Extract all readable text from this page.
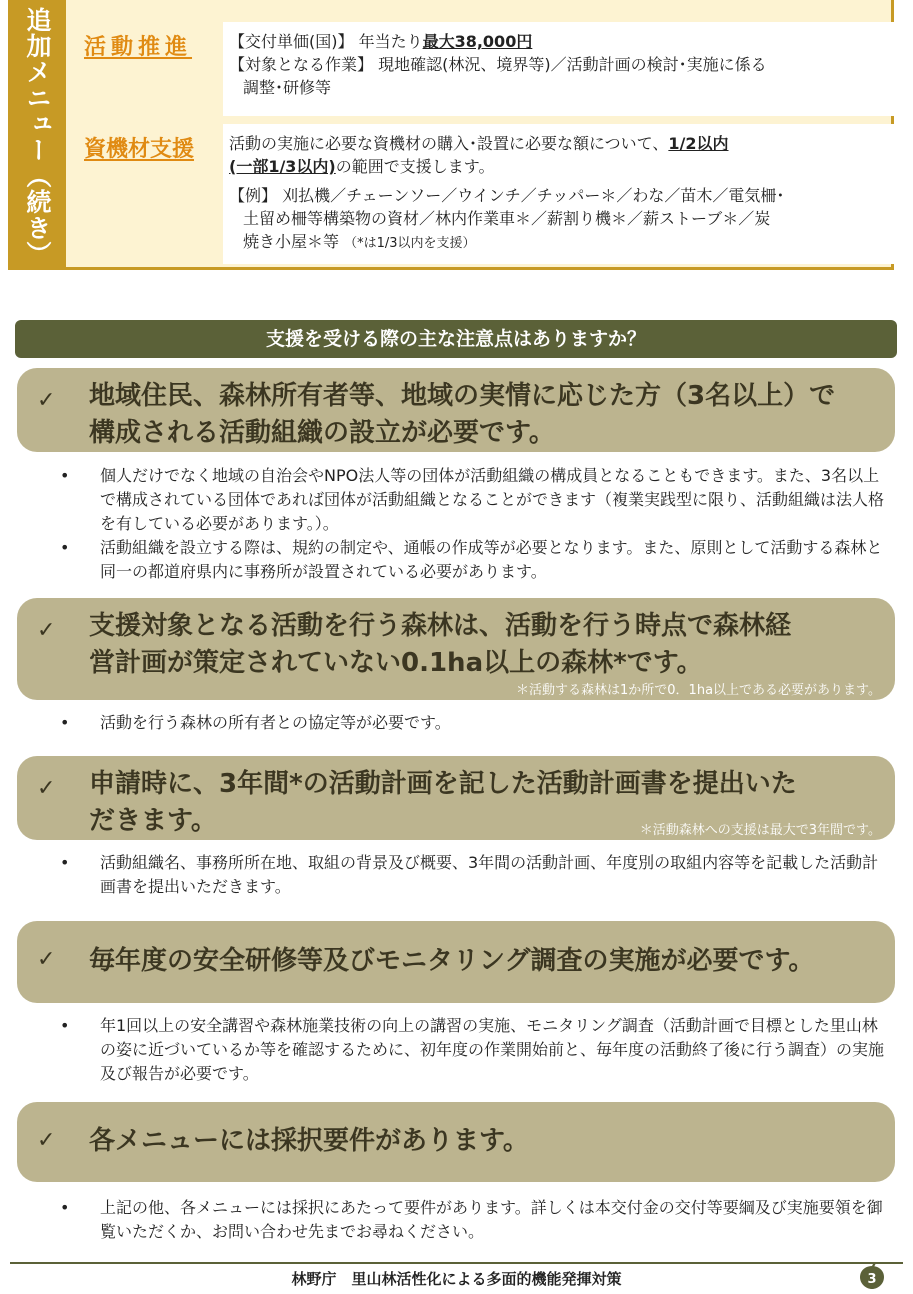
追加メニュー（続き）	活動推進 【交付単価(国)】 年当たり最大38,000円

【対象となる作業】 現地確認(林況、境界等)／活動計画の検討･実施に係る

調整･研修等

資機材支援 活動の実施に必要な資機材の購入･設置に必要な額について、1/2以内
(一部1/3以内)の範囲で支援します。

【例】 刈払機／チェーンソー／ウインチ／チッパー＊／わな／苗木／電気柵･

土留め柵等構築物の資材／林内作業車＊／薪割り機＊／薪ストーブ＊／炭

焼き小屋＊等 （*は1/3以内を支援）

支援を受ける際の主な注意点はありますか？
✓ 地域住民、森林所有者等、地域の実情に応じた方（3名以上）で
構成される活動組織の設立が必要です。
• 個人だけでなく地域の自治会やNPO法人等の団体が活動組織の構成員となることもできます。また、3名以上で構成されている団体であれば団体が活動組織となることができます（複業実践型に限り、活動組織は法人格を有している必要があります。）。
• 活動組織を設立する際は、規約の制定や、通帳の作成等が必要となります。また、原則として活動する森林と同一の都道府県内に事務所が設置されている必要があります。
✓ 支援対象となる活動を行う森林は、活動を行う時点で森林経
営計画が策定されていない0.1ha以上の森林*です。
＊活動する森林は1か所で0．1ha以上である必要があります。
• 活動を行う森林の所有者との協定等が必要です。
✓ 申請時に、3年間*の活動計画を記した活動計画書を提出いた
だきます。	＊活動森林への支援は最大で3年間です。
• 活動組織名、事務所所在地、取組の背景及び概要、3年間の活動計画、年度別の取組内容等を記載した活動計画書を提出いただきます。
✓ 毎年度の安全研修等及びモニタリング調査の実施が必要です。
• 年1回以上の安全講習や森林施業技術の向上の講習の実施、モニタリング調査（活動計画で目標とした里山林の姿に近づいているか等を確認するために、初年度の作業開始前と、毎年度の活動終了後に行う調査）の実施及び報告が必要です。
✓ 各メニューには採択要件があります。
• 上記の他、各メニューには採択にあたって要件があります。詳しくは本交付金の交付等要綱及び実施要領を御覧いただくか、お問い合わせ先までお尋ねください。
林野庁　里山林活性化による多面的機能発揮対策	3
